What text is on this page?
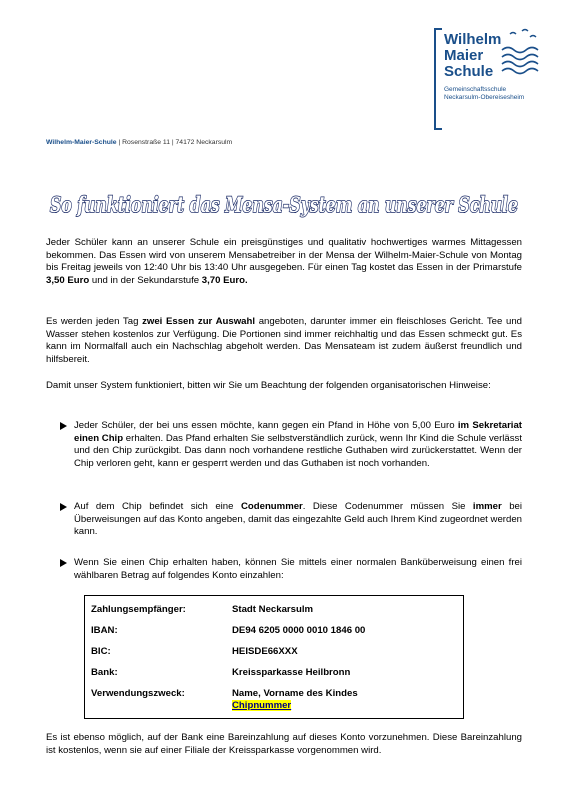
Wilhelm
Maier
Schule
Gemeinschaftsschule
Neckarsulm-Obereisesheim
Wilhelm-Maier-Schule | Rosenstraße 11 | 74172 Neckarsulm
So funktioniert das Mensa-System an unserer Schule
Jeder Schüler kann an unserer Schule ein preisgünstiges und qualitativ hochwertiges warmes Mittagessen bekommen. Das Essen wird von unserem Mensabetreiber in der Mensa der Wilhelm-Maier-Schule von Montag bis Freitag jeweils von 12:40 Uhr bis 13:40 Uhr ausgegeben. Für einen Tag kostet das Essen in der Primarstufe 3,50 Euro und in der Sekundarstufe 3,70 Euro.
Es werden jeden Tag zwei Essen zur Auswahl angeboten, darunter immer ein fleischloses Gericht. Tee und Wasser stehen kostenlos zur Verfügung. Die Portionen sind immer reichhaltig und das Essen schmeckt gut. Es kann im Normalfall auch ein Nachschlag abgeholt werden. Das Mensateam ist zudem äußerst freundlich und hilfsbereit.
Damit unser System funktioniert, bitten wir Sie um Beachtung der folgenden organisatorischen Hinweise:
Jeder Schüler, der bei uns essen möchte, kann gegen ein Pfand in Höhe von 5,00 Euro im Sekretariat einen Chip erhalten. Das Pfand erhalten Sie selbstverständlich zurück, wenn Ihr Kind die Schule verlässt und den Chip zurückgibt. Das dann noch vorhandene restliche Guthaben wird zurückerstattet. Wenn der Chip verloren geht, kann er gesperrt werden und das Guthaben ist noch vorhanden.
Auf dem Chip befindet sich eine Codenummer. Diese Codenummer müssen Sie immer bei Überweisungen auf das Konto angeben, damit das eingezahlte Geld auch Ihrem Kind zugeordnet werden kann.
Wenn Sie einen Chip erhalten haben, können Sie mittels einer normalen Banküberweisung einen frei wählbaren Betrag auf folgendes Konto einzahlen:
Zahlungsempfänger:	Stadt Neckarsulm
IBAN:	DE94 6205 0000 0010 1846 00
BIC:	HEISDE66XXX
Bank:	Kreissparkasse Heilbronn
Verwendungszweck:	Name, Vorname des Kindes
Chipnummer
Es ist ebenso möglich, auf der Bank eine Bareinzahlung auf dieses Konto vorzunehmen. Diese Bareinzahlung ist kostenlos, wenn sie auf einer Filiale der Kreissparkasse vorgenommen wird.
